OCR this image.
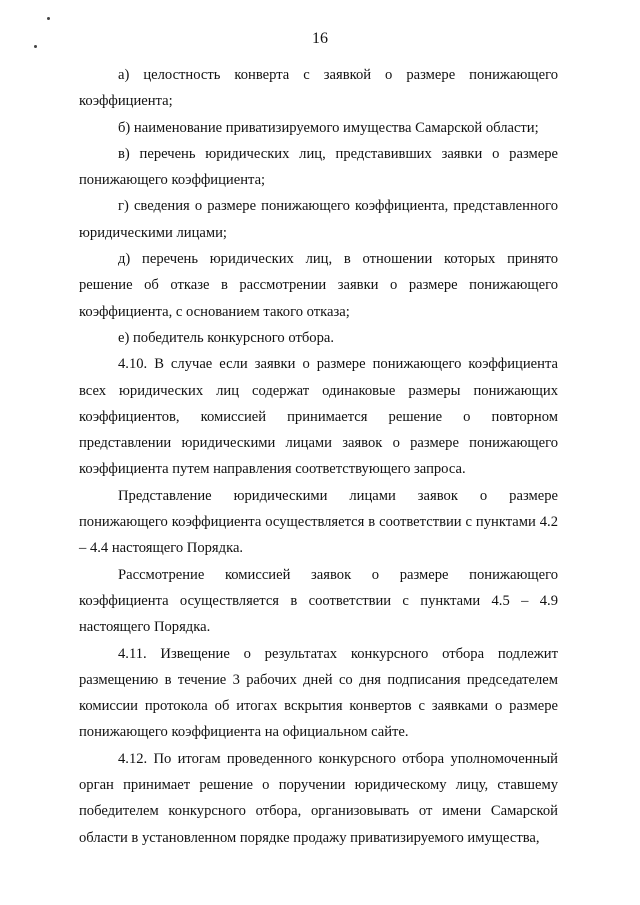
16

а) целостность конверта с заявкой о размере понижающего коэффициента;

б) наименование приватизируемого имущества Самарской области;

в) перечень юридических лиц, представивших заявки о размере понижающего коэффициента;

г) сведения о размере понижающего коэффициента, представленного юридическими лицами;

д) перечень юридических лиц, в отношении которых принято решение об отказе в рассмотрении заявки о размере понижающего коэффициента, с основанием такого отказа;

е) победитель конкурсного отбора.

4.10. В случае если заявки о размере понижающего коэффициента всех юридических лиц содержат одинаковые размеры понижающих коэффициентов, комиссией принимается решение о повторном представлении юридическими лицами заявок о размере понижающего коэффициента путем направления соответствующего запроса.

Представление юридическими лицами заявок о размере понижающего коэффициента осуществляется в соответствии с пунктами 4.2 – 4.4 настоящего Порядка.

Рассмотрение комиссией заявок о размере понижающего коэффициента осуществляется в соответствии с пунктами 4.5 – 4.9 настоящего Порядка.

4.11. Извещение о результатах конкурсного отбора подлежит размещению в течение 3 рабочих дней со дня подписания председателем комиссии протокола об итогах вскрытия конвертов с заявками о размере понижающего коэффициента на официальном сайте.

4.12. По итогам проведенного конкурсного отбора уполномоченный орган принимает решение о поручении юридическому лицу, ставшему победителем конкурсного отбора, организовывать от имени Самарской области в установленном порядке продажу приватизируемого имущества,
